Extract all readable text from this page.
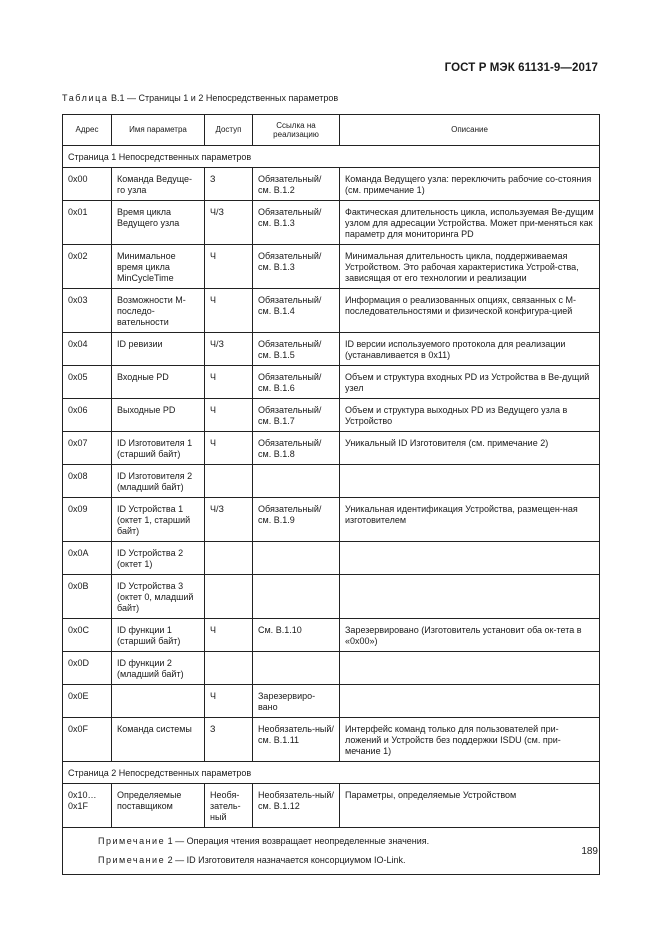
ГОСТ Р МЭК 61131-9—2017
Таблица В.1 — Страницы 1 и 2 Непосредственных параметров
Адрес	Имя параметра	Доступ	Ссылка на реализацию	Описание
Страница 1 Непосредственных параметров				
0x00	Команда Ведуще-го узла	З	Обязательный/ см. В.1.2	Команда Ведущего узла: переключить рабочие со-стояния (см. примечание 1)
0x01	Время цикла Ведущего узла	Ч/З	Обязательный/ см. В.1.3	Фактическая длительность цикла, используемая Ве-дущим узлом для адресации Устройства. Может при-меняться как параметр для мониторинга PD
0x02	Минимальное время цикла MinCycleTime	Ч	Обязательный/ см. В.1.3	Минимальная длительность цикла, поддерживаемая Устройством. Это рабочая характеристика Устрой-ства, зависящая от его технологии и реализации
0x03	Возможности М-последо-вательности	Ч	Обязательный/ см. В.1.4	Информация о реализованных опциях, связанных с М-последовательностями и физической конфигура-цией
0x04	ID ревизии	Ч/З	Обязательный/ см. В.1.5	ID версии используемого протокола для реализации (устанавливается в 0x11)
0x05	Входные PD	Ч	Обязательный/ см. В.1.6	Объем и структура входных PD из Устройства в Ве-дущий узел
0x06	Выходные PD	Ч	Обязательный/ см. В.1.7	Объем и структура выходных PD из Ведущего узла в Устройство
0x07	ID Изготовителя 1 (старший байт)	Ч	Обязательный/ см. В.1.8	Уникальный ID Изготовителя (см. примечание 2)
0x08	ID Изготовителя 2 (младший байт)			
0x09	ID Устройства 1 (октет 1, старший байт)	Ч/З	Обязательный/ см. В.1.9	Уникальная идентификация Устройства, размещен-ная изготовителем
0x0A	ID Устройства 2 (октет 1)			
0x0B	ID Устройства 3 (октет 0, младший байт)			
0x0C	ID функции 1 (старший байт)	Ч	См. В.1.10	Зарезервировано (Изготовитель установит оба ок-тета в «0x00»)
0x0D	ID функции 2 (младший байт)			
0x0E		Ч	Зарезервиро-вано	
0x0F	Команда системы	З	Необязатель-ный/см. В.1.11	Интерфейс команд только для пользователей при-ложений и Устройств без поддержки ISDU (см. при-мечание 1)
Страница 2 Непосредственных параметров				
0x10… 0x1F	Определяемые поставщиком	Необя-затель-ный	Необязатель-ный/см. В.1.12	Параметры, определяемые Устройством
Примечание 1 — Операция чтения возвращает неопределенные значения.				
Примечание 2 — ID Изготовителя назначается консорциумом IO-Link.				
189
